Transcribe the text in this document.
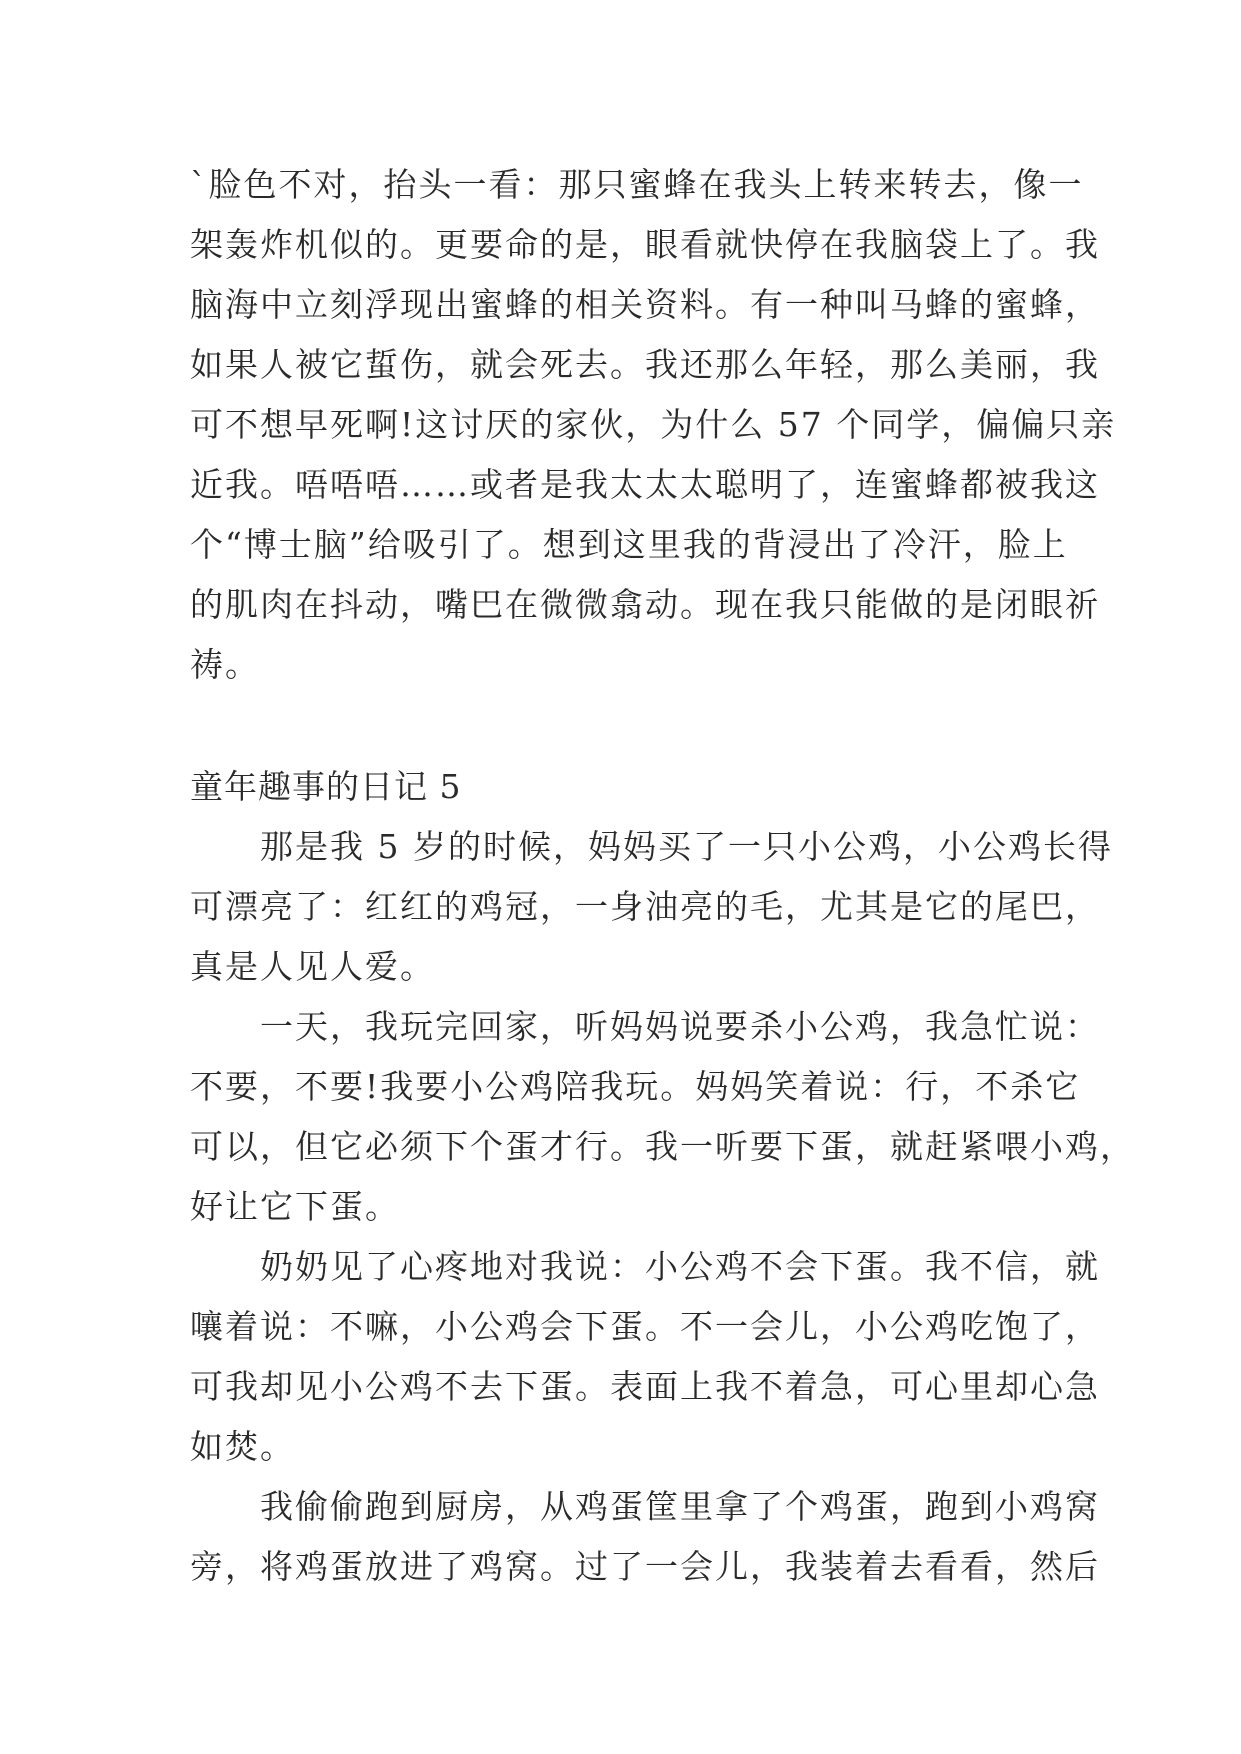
`脸色不对，抬头一看：那只蜜蜂在我头上转来转去，像一
架轰炸机似的。更要命的是，眼看就快停在我脑袋上了。我
脑海中立刻浮现出蜜蜂的相关资料。有一种叫马蜂的蜜蜂，
如果人被它蜇伤，就会死去。我还那么年轻，那么美丽，我
可不想早死啊!这讨厌的家伙，为什么 57 个同学，偏偏只亲
近我。唔唔唔……或者是我太太太聪明了，连蜜蜂都被我这
个“博士脑”给吸引了。想到这里我的背浸出了冷汗，脸上
的肌肉在抖动，嘴巴在微微翕动。现在我只能做的是闭眼祈
祷。
童年趣事的日记 5
　　那是我 5 岁的时候，妈妈买了一只小公鸡，小公鸡长得
可漂亮了：红红的鸡冠，一身油亮的毛，尤其是它的尾巴，
真是人见人爱。
　　一天，我玩完回家，听妈妈说要杀小公鸡，我急忙说：
不要，不要!我要小公鸡陪我玩。妈妈笑着说：行，不杀它
可以，但它必须下个蛋才行。我一听要下蛋，就赶紧喂小鸡，
好让它下蛋。
　　奶奶见了心疼地对我说：小公鸡不会下蛋。我不信，就
嚷着说：不嘛，小公鸡会下蛋。不一会儿，小公鸡吃饱了，
可我却见小公鸡不去下蛋。表面上我不着急，可心里却心急
如焚。
　　我偷偷跑到厨房，从鸡蛋筐里拿了个鸡蛋，跑到小鸡窝
旁，将鸡蛋放进了鸡窝。过了一会儿，我装着去看看，然后
